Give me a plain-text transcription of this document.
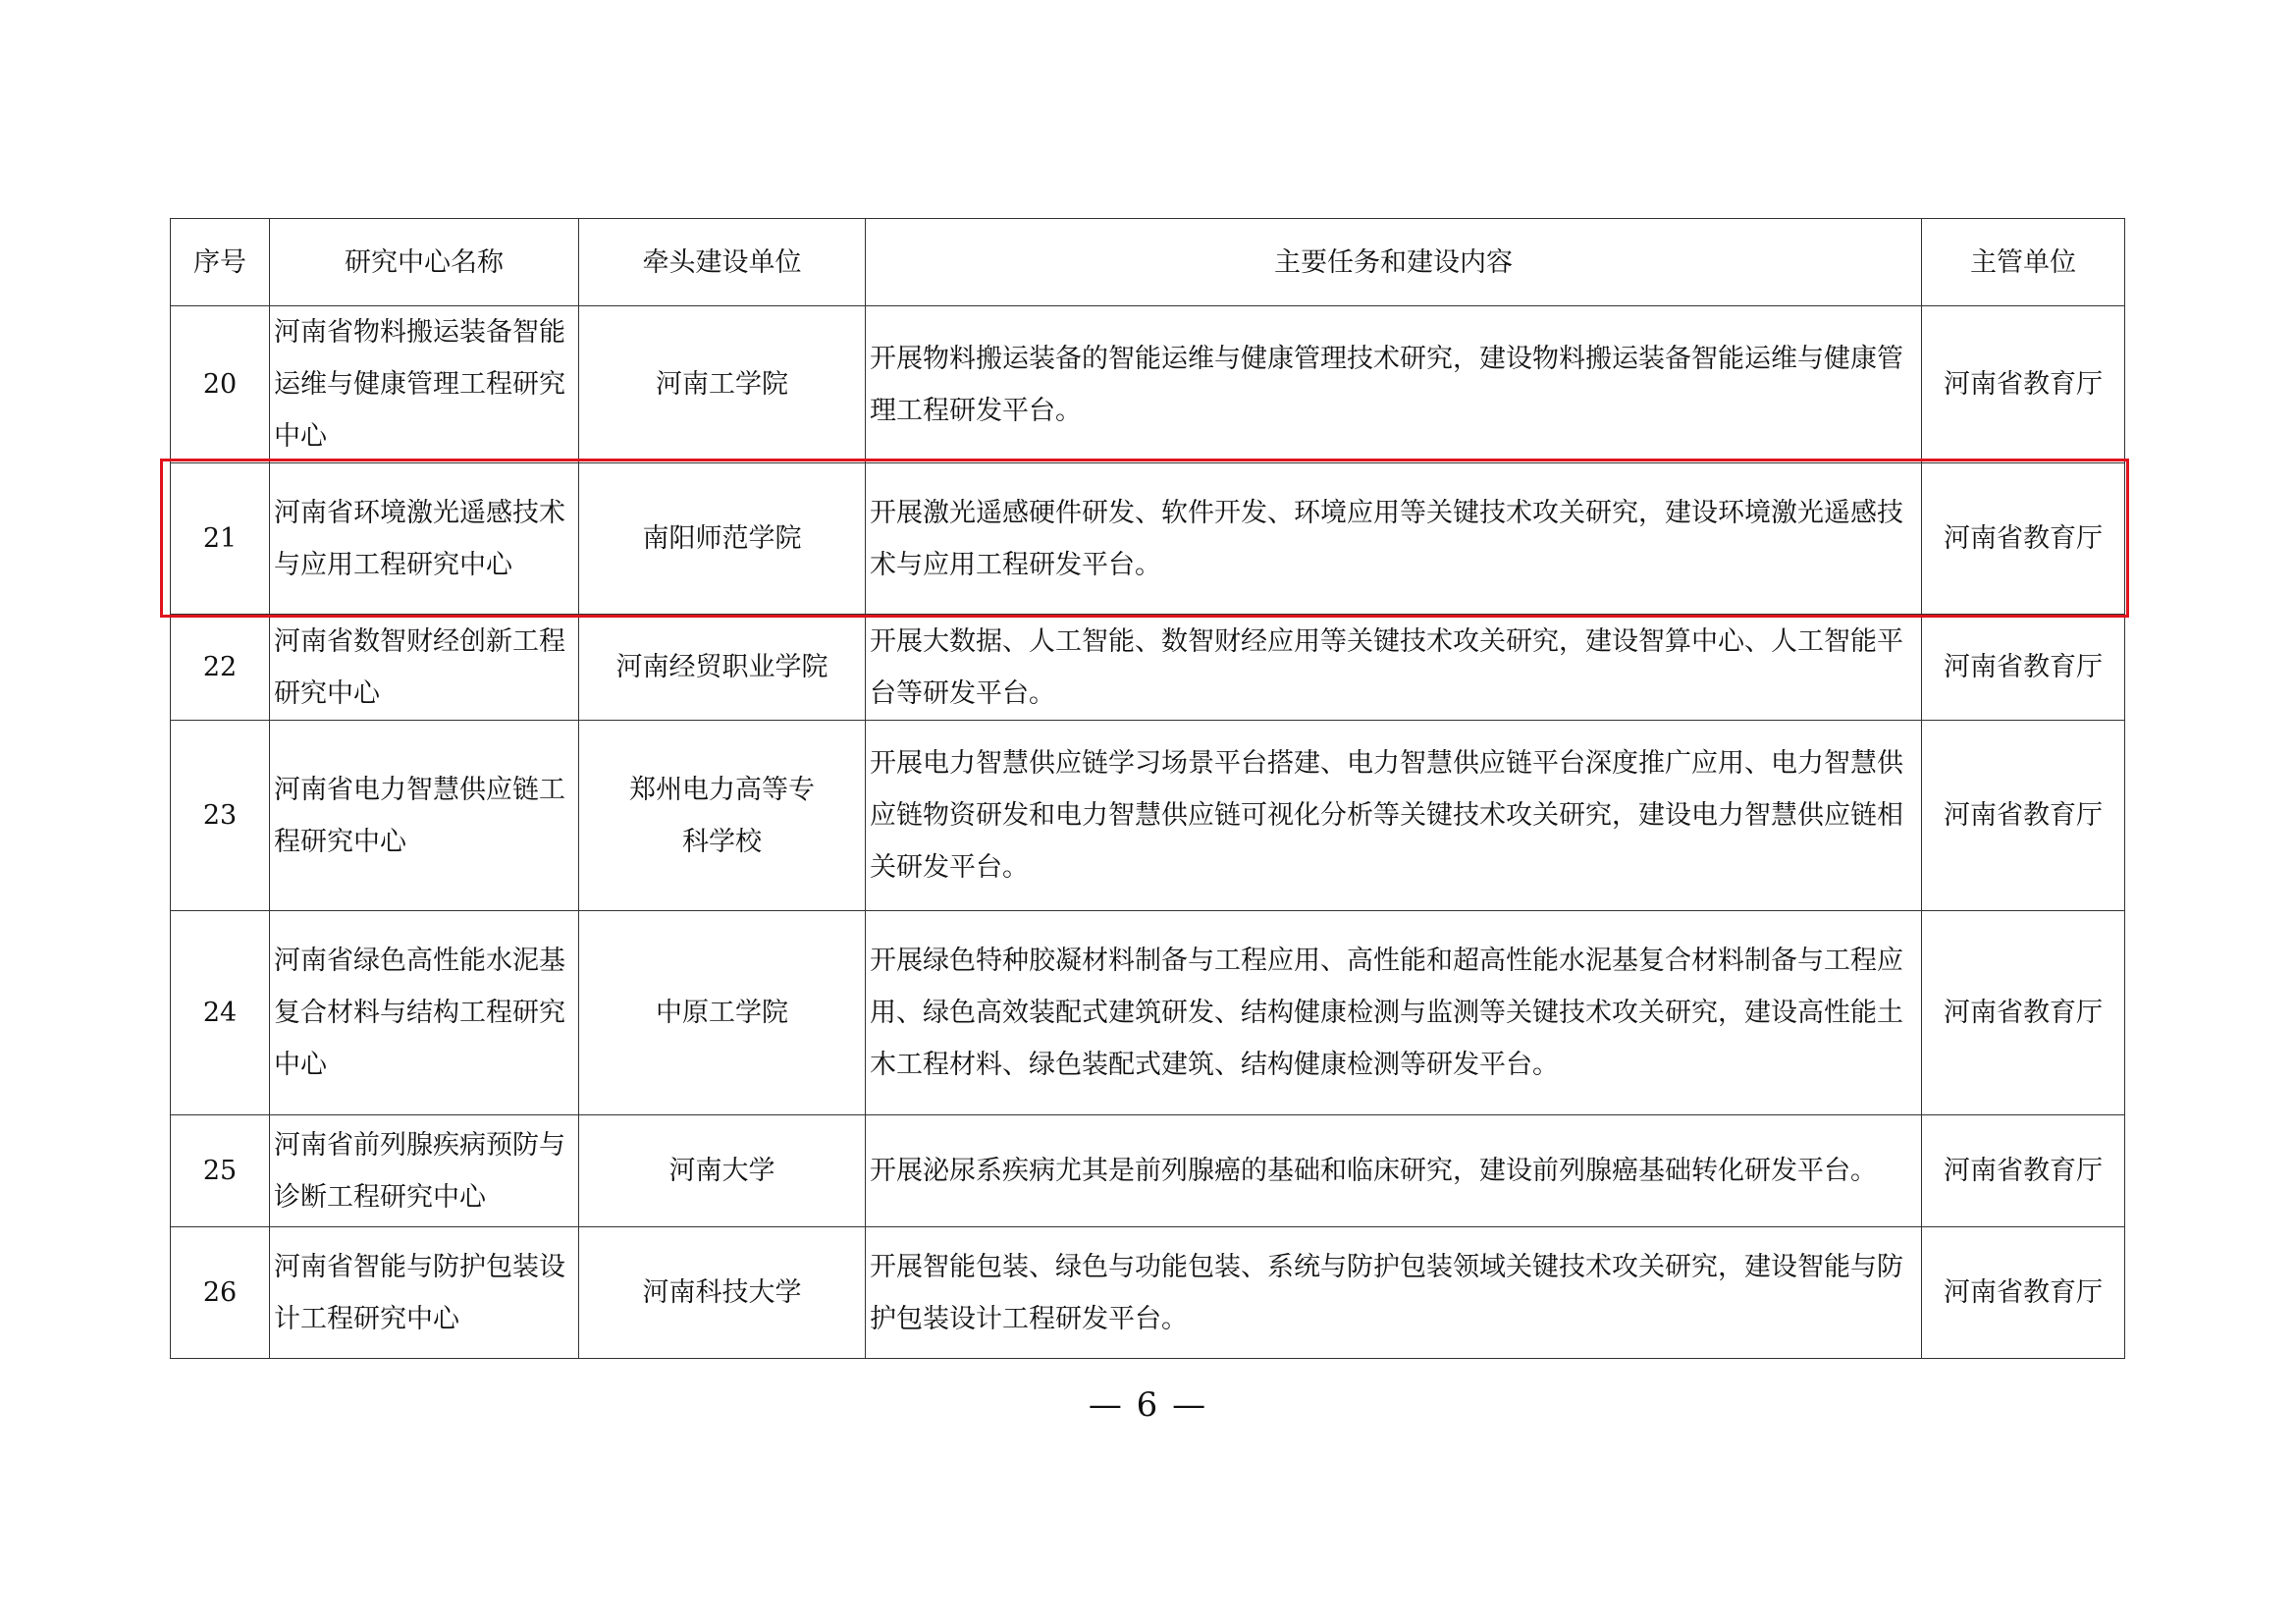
序号	研究中心名称	牵头建设单位	主要任务和建设内容	主管单位
20	河南省物料搬运装备智能运维与健康管理工程研究中心	河南工学院	开展物料搬运装备的智能运维与健康管理技术研究，建设物料搬运装备智能运维与健康管理工程研发平台。	河南省教育厅
21	河南省环境激光遥感技术与应用工程研究中心	南阳师范学院	开展激光遥感硬件研发、软件开发、环境应用等关键技术攻关研究，建设环境激光遥感技术与应用工程研发平台。	河南省教育厅
22	河南省数智财经创新工程研究中心	河南经贸职业学院	开展大数据、人工智能、数智财经应用等关键技术攻关研究，建设智算中心、人工智能平台等研发平台。	河南省教育厅
23	河南省电力智慧供应链工程研究中心	郑州电力高等专科学校	开展电力智慧供应链学习场景平台搭建、电力智慧供应链平台深度推广应用、电力智慧供应链物资研发和电力智慧供应链可视化分析等关键技术攻关研究，建设电力智慧供应链相关研发平台。	河南省教育厅
24	河南省绿色高性能水泥基复合材料与结构工程研究中心	中原工学院	开展绿色特种胶凝材料制备与工程应用、高性能和超高性能水泥基复合材料制备与工程应用、绿色高效装配式建筑研发、结构健康检测与监测等关键技术攻关研究，建设高性能土木工程材料、绿色装配式建筑、结构健康检测等研发平台。	河南省教育厅
25	河南省前列腺疾病预防与诊断工程研究中心	河南大学	开展泌尿系疾病尤其是前列腺癌的基础和临床研究，建设前列腺癌基础转化研发平台。	河南省教育厅
26	河南省智能与防护包装设计工程研究中心	河南科技大学	开展智能包装、绿色与功能包装、系统与防护包装领域关键技术攻关研究，建设智能与防护包装设计工程研发平台。	河南省教育厅
— 6 —
